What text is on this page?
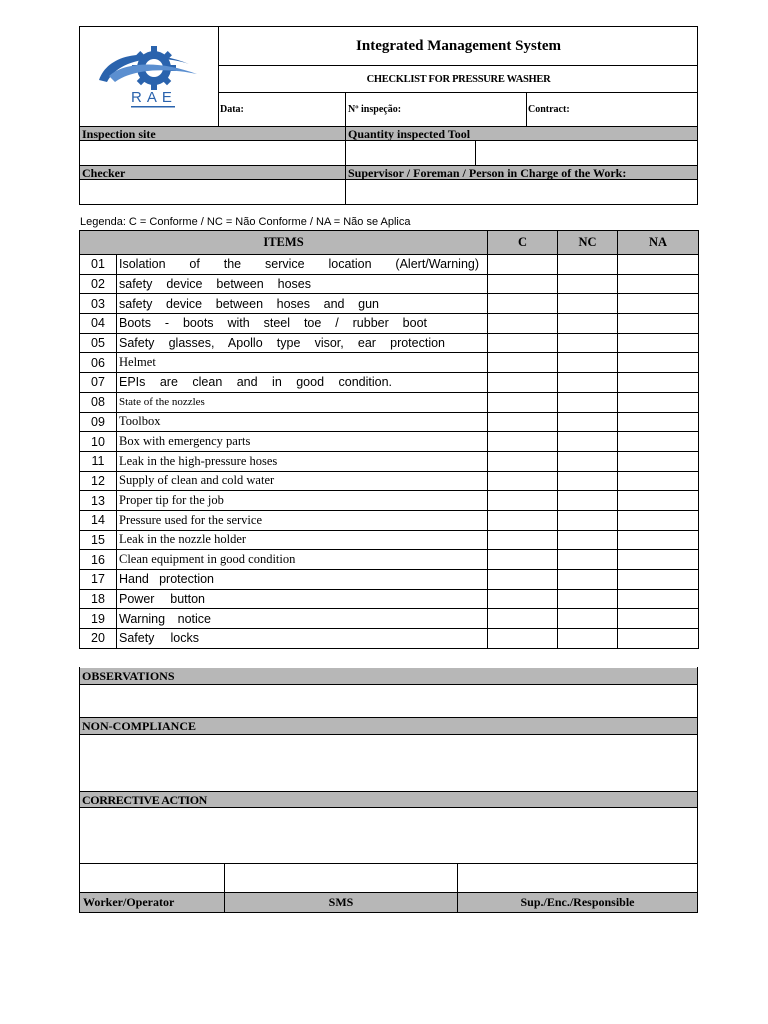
RAE
Integrated Management System
CHECKLIST FOR PRESSURE WASHER
Data:	Nº inspeção:	Contract:
Inspection site	Quantity inspected Tool
Checker	Supervisor / Foreman / Person in Charge of the Work:
Legenda: C = Conforme / NC = Não Conforme / NA = Não se Aplica
ITEMS		C	NC	NA
01	Isolation of the service location (Alert/Warning)			
02	safety device between hoses			
03	safety device between hoses and gun			
04	Boots - boots with steel toe / rubber boot			
05	Safety glasses, Apollo type visor, ear protection			
06	Helmet			
07	EPIs are clean and in good condition.			
08	State of the nozzles			
09	Toolbox			
10	Box with emergency parts			
11	Leak in the high-pressure hoses			
12	Supply of clean and cold water			
13	Proper tip for the job			
14	Pressure used for the service			
15	Leak in the nozzle holder			
16	Clean equipment in good condition			
17	Hand protection			
18	Power button			
19	Warning notice			
20	Safety locks			
OBSERVATIONS
NON-COMPLIANCE
CORRECTIVE ACTION
Worker/Operator	SMS	Sup./Enc./Responsible
